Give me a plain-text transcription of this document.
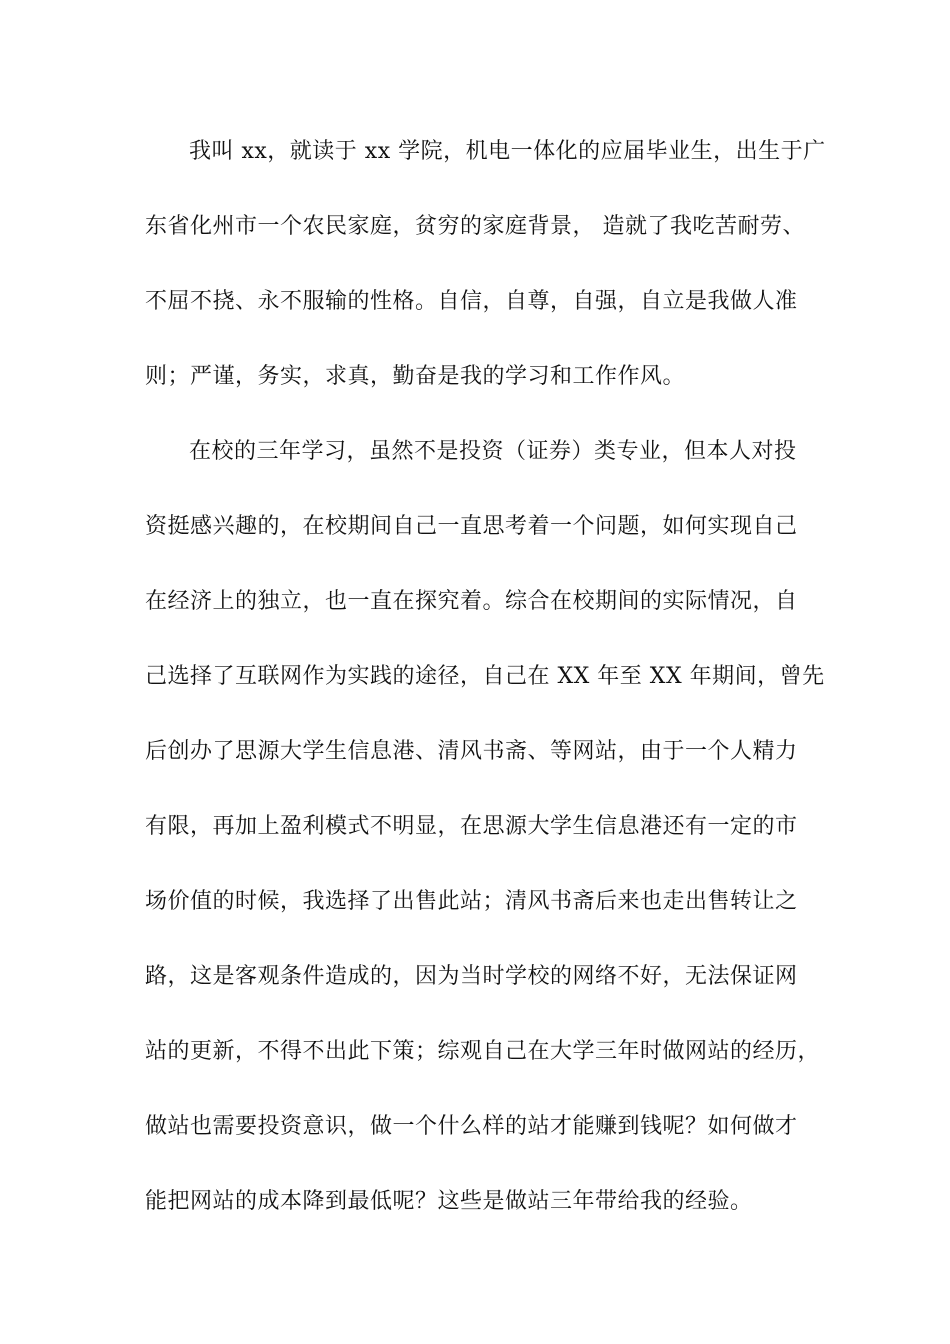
我叫 xx，就读于 xx 学院，机电一体化的应届毕业生，出生于广

东省化州市一个农民家庭，贫穷的家庭背景， 造就了我吃苦耐劳、

不屈不挠、永不服输的性格。自信，自尊，自强，自立是我做人准

则；严谨，务实，求真，勤奋是我的学习和工作作风。

在校的三年学习，虽然不是投资（证券）类专业，但本人对投

资挺感兴趣的，在校期间自己一直思考着一个问题，如何实现自己

在经济上的独立，也一直在探究着。综合在校期间的实际情况，自

己选择了互联网作为实践的途径，自己在 XX 年至 XX 年期间，曾先

后创办了思源大学生信息港、清风书斋、等网站，由于一个人精力

有限，再加上盈利模式不明显，在思源大学生信息港还有一定的市

场价值的时候，我选择了出售此站；清风书斋后来也走出售转让之

路，这是客观条件造成的，因为当时学校的网络不好，无法保证网

站的更新，不得不出此下策；综观自己在大学三年时做网站的经历，

做站也需要投资意识，做一个什么样的站才能赚到钱呢？如何做才

能把网站的成本降到最低呢？这些是做站三年带给我的经验。
